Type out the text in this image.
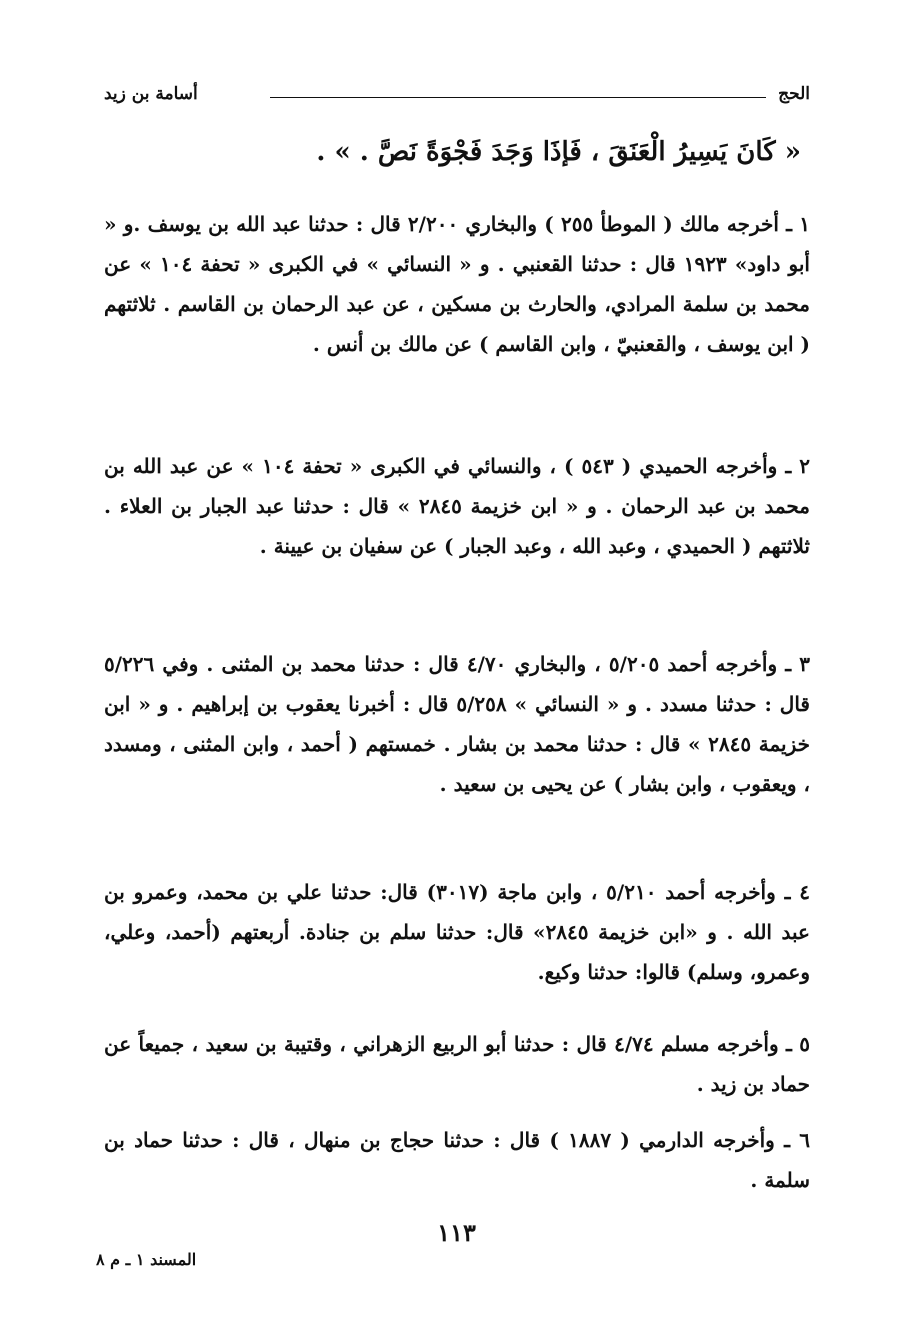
الحج
أسامة بن زيد
« كَانَ يَسِيرُ الْعَنَقَ ، فَإذَا وَجَدَ فَجْوَةً نَصَّ . » .

١ ـ أخرجه مالك ( الموطأ ٢٥٥ ) والبخاري ٢/٢٠٠ قال : حدثنا عبد الله بن يوسف .و « أبو داود» ١٩٢٣ قال : حدثنا القعنبي . و « النسائي » في الكبرى « تحفة ١٠٤ » عن محمد بن سلمة المرادي، والحارث بن مسكين ، عن عبد الرحمان بن القاسم . ثلاثتهم ( ابن يوسف ، والقعنبيّ ، وابن القاسم ) عن مالك بن أنس .

٢ ـ وأخرجه الحميدي ( ٥٤٣ ) ، والنسائي في الكبرى « تحفة ١٠٤ » عن عبد الله بن محمد بن عبد الرحمان . و « ابن خزيمة ٢٨٤٥ » قال : حدثنا عبد الجبار بن العلاء . ثلاثتهم ( الحميدي ، وعبد الله ، وعبد الجبار ) عن سفيان بن عيينة .

٣ ـ وأخرجه أحمد ٥/٢٠٥ ، والبخاري ٤/٧٠ قال : حدثنا محمد بن المثنى . وفي ٥/٢٢٦ قال : حدثنا مسدد . و « النسائي » ٥/٢٥٨ قال : أخبرنا يعقوب بن إبراهيم . و « ابن خزيمة ٢٨٤٥ » قال : حدثنا محمد بن بشار . خمستهم ( أحمد ، وابن المثنى ، ومسدد ، ويعقوب ، وابن بشار ) عن يحيى بن سعيد .

٤ ـ وأخرجه أحمد ٥/٢١٠ ، وابن ماجة (٣٠١٧) قال: حدثنا علي بن محمد، وعمرو بن عبد الله . و «ابن خزيمة ٢٨٤٥» قال: حدثنا سلم بن جنادة. أربعتهم (أحمد، وعلي، وعمرو، وسلم) قالوا: حدثنا وكيع.

٥ ـ وأخرجه مسلم ٤/٧٤ قال : حدثنا أبو الربيع الزهراني ، وقتيبة بن سعيد ، جميعاً عن حماد بن زيد .

٦ ـ وأخرجه الدارمي ( ١٨٨٧ ) قال : حدثنا حجاج بن منهال ، قال : حدثنا حماد بن سلمة .

١١٣
المسند ١ ـ م ٨
